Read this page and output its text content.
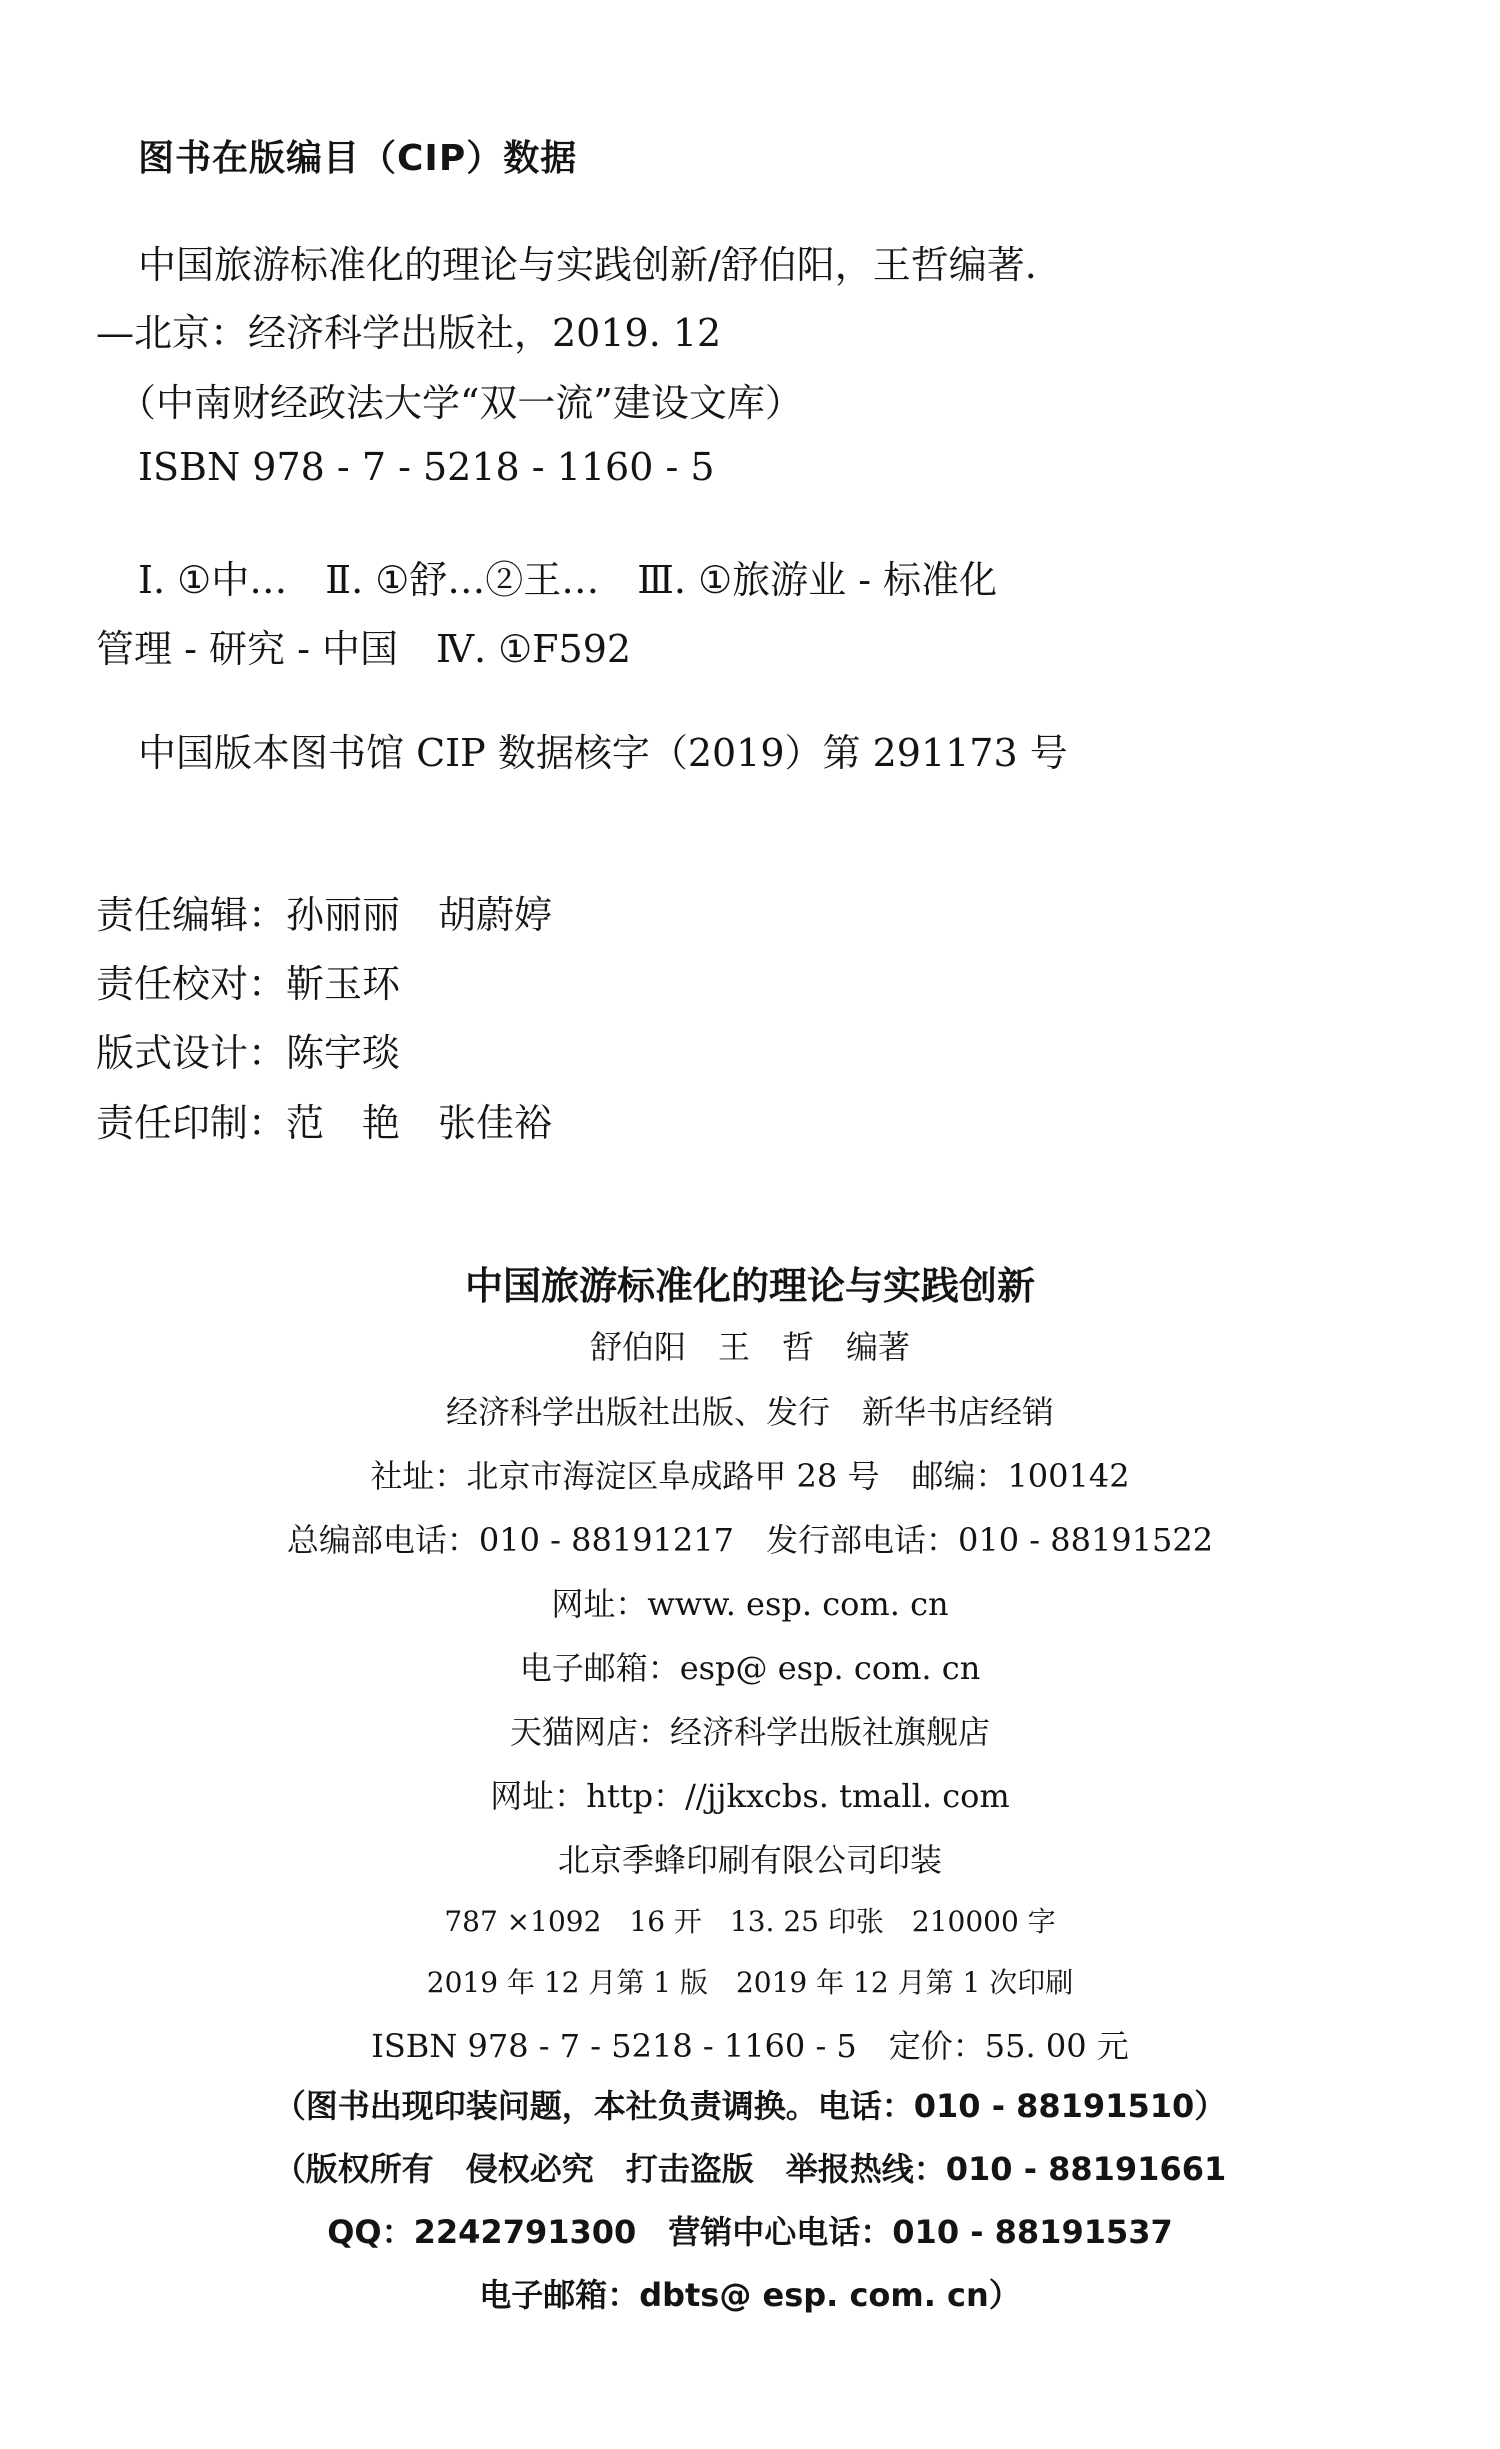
图书在版编目（CIP）数据
中国旅游标准化的理论与实践创新/舒伯阳，王哲编著.
—北京：经济科学出版社，2019. 12
（中南财经政法大学“双一流”建设文库）
ISBN 978 - 7 - 5218 - 1160 - 5
Ⅰ. ①中…　Ⅱ. ①舒…②王…　Ⅲ. ①旅游业 - 标准化
管理 - 研究 - 中国　Ⅳ. ①F592
中国版本图书馆 CIP 数据核字（2019）第 291173 号
责任编辑：孙丽丽　胡蔚婷
责任校对：靳玉环
版式设计：陈宇琰
责任印制：范　艳　张佳裕
中国旅游标准化的理论与实践创新
舒伯阳　王　哲　编著
经济科学出版社出版、发行　新华书店经销
社址：北京市海淀区阜成路甲 28 号　邮编：100142
总编部电话：010 - 88191217　发行部电话：010 - 88191522
网址：www. esp. com. cn
电子邮箱：esp@ esp. com. cn
天猫网店：经济科学出版社旗舰店
网址：http：//jjkxcbs. tmall. com
北京季蜂印刷有限公司印装
787 ×1092　16 开　13. 25 印张　210000 字
2019 年 12 月第 1 版　2019 年 12 月第 1 次印刷
ISBN 978 - 7 - 5218 - 1160 - 5　定价：55. 00 元
（图书出现印装问题，本社负责调换。电话：010 - 88191510）
（版权所有　侵权必究　打击盗版　举报热线：010 - 88191661
QQ：2242791300　营销中心电话：010 - 88191537
电子邮箱：dbts@ esp. com. cn）
